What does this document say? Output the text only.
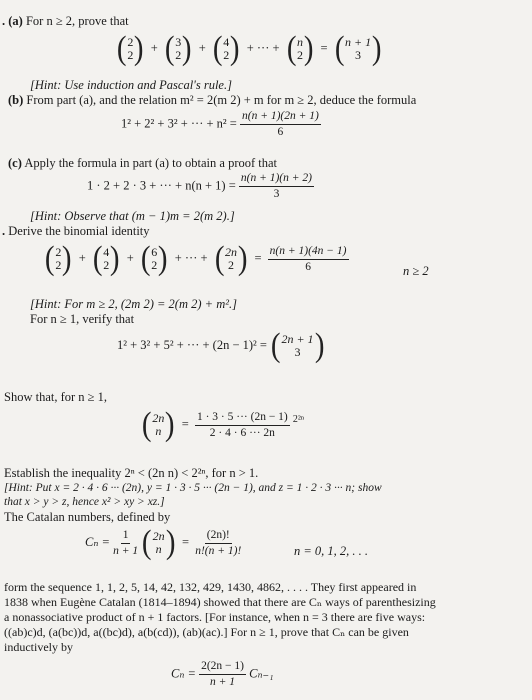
. (a) For n ≥ 2, prove that
( 2
2 ) + ( 3
2 ) + ( 4
2 ) + ··· + ( n
2 ) = ( n + 1
3 )
[Hint: Use induction and Pascal's rule.]
(b) From part (a), and the relation m² = 2(m 2) + m for m ≥ 2, deduce the formula
1² + 2² + 3² + ··· + $n^2 = \frac{n(n + 1)(2n + 1)}{6}$
(c) Apply the formula in part (a) to obtain a proof that
1 · 2 + 2 · 3 + ··· + $n(n + 1) = \frac{n(n + 1)(n + 2)}{3}$
[Hint: Observe that (m − 1)m = 2(m 2).]
. Derive the binomial identity
( 2
2 ) + ( 4
2 ) + ( 6
2 ) + ··· + ( 2n
2 ) = $\frac{n(n + 1)(4n - 1)}{6}$	n ≥ 2
[Hint: For m ≥ 2, (2m 2) = 2(m 2) + m².]
For n ≥ 1, verify that
1² + 3² + 5² + ··· + (2n − 1)² = ( 2n + 1
3 )
Show that, for n ≥ 1,
( 2n
n ) = $\frac{1 \cdot 3 \cdot 5 \cdot\cdot\cdot (2n - 1)}{2 \cdot 4 \cdot 6 \cdot\cdot\cdot 2n} ^{2^{2n}}$
Establish the inequality 2ⁿ < (2n n) < 2²ⁿ, for n > 1.
[Hint: Put x = 2 · 4 · 6 ··· (2n), y = 1 · 3 · 5 ··· (2n − 1), and z = 1 · 2 · 3 ··· n; show
that x > y > z, hence x² > xy > xz.]
The Catalan numbers, defined by
$C_n = \frac{1}{n + 1}$
( 2n
n ) = $\frac{(2n)!}{n!(n + 1)!}$	n = 0, 1, 2, . . .
form the sequence 1, 1, 2, 5, 14, 42, 132, 429, 1430, 4862, . . . . They first appeared in
1838 when Eugène Catalan (1814–1894) showed that there are Cₙ ways of parenthesizing
a nonassociative product of n + 1 factors. [For instance, when n = 3 there are five ways:
((ab)c)d, (a(bc))d, a((bc)d), a(b(cd)), (ab)(ac).] For n ≥ 1, prove that Cₙ can be given
inductively by
$C_n = \frac{2(2n - 1)}{n + 1} C_{n-1}$
